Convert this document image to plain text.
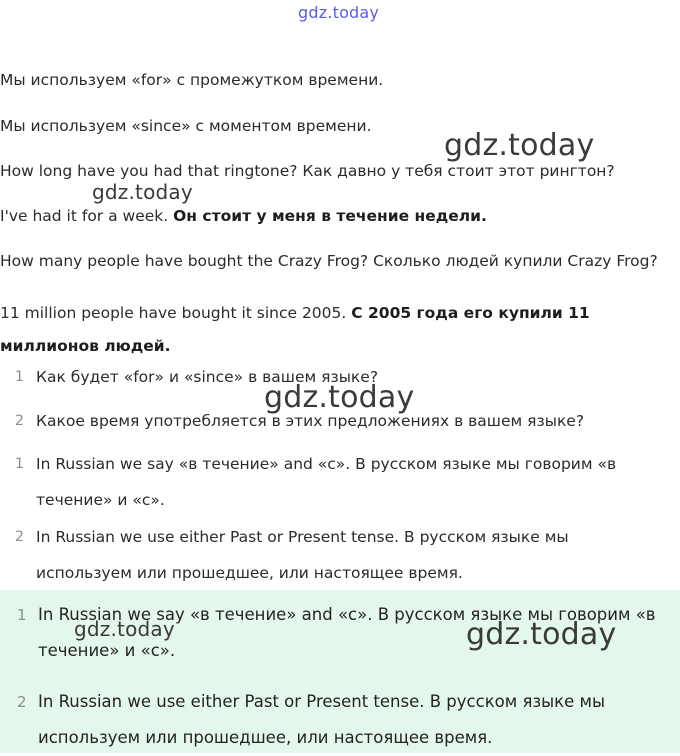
gdz.today
Мы используем «for» с промежутком времени.
Мы используем «since» с моментом времени.
How long have you had that ringtone? Как давно у тебя стоит этот рингтон?
I've had it for a week. Он стоит у меня в течение недели.
How many people have bought the Crazy Frog? Сколько людей купили Crazy Frog?
11 million people have bought it since 2005. С 2005 года его купили 11 миллионов людей.
1 Как будет «for» и «since» в вашем языке?
2 Какое время употребляется в этих предложениях в вашем языке?
1 In Russian we say «в течение» and «с». В русском языке мы говорим «в течение» и «с».
2 In Russian we use either Past or Present tense. В русском языке мы используем или прошедшее, или настоящее время.
1 In Russian we say «в течение» and «с». В русском языке мы говорим «в течение» и «с».
2 In Russian we use either Past or Present tense. В русском языке мы используем или прошедшее, или настоящее время.
gdz.today
gdz.today
gdz.today
gdz.today	gdz.today
